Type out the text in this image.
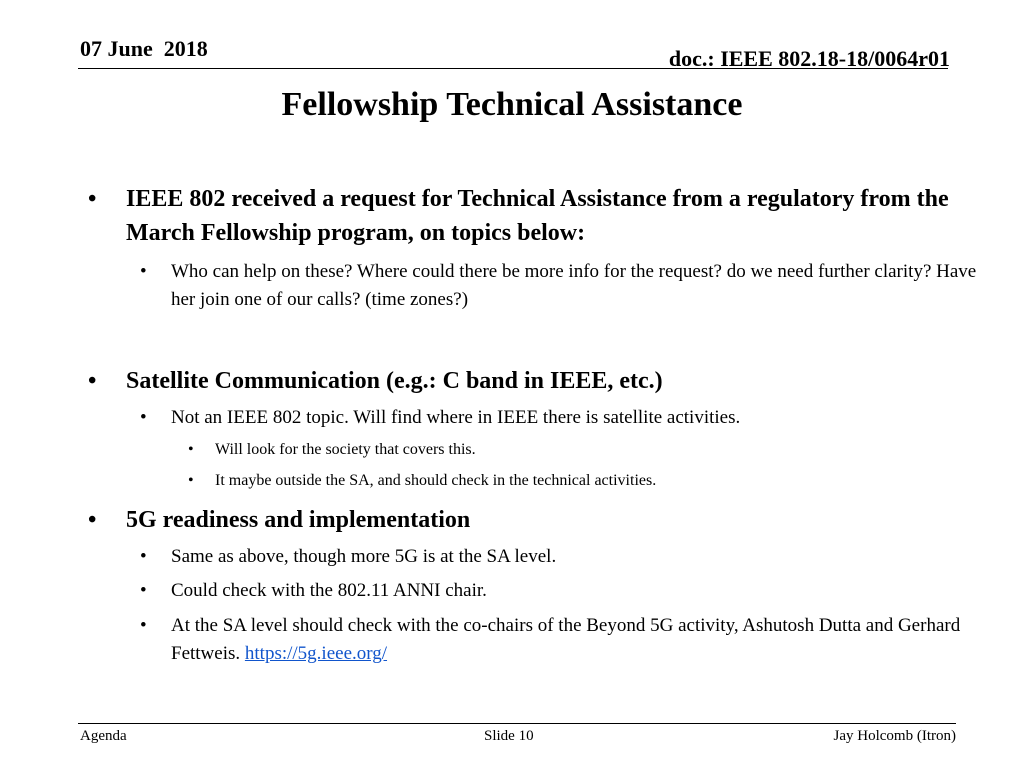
07 June  2018	doc.: IEEE 802.18-18/0064r01
Fellowship Technical Assistance
• IEEE 802 received a request for Technical Assistance from a regulatory from the March Fellowship program, on topics below:
• Who can help on these? Where could there be more info for the request? do we need further clarity? Have her join one of our calls? (time zones?)
• Satellite Communication (e.g.: C band in IEEE, etc.)
• Not an IEEE 802 topic. Will find where in IEEE there is satellite activities.
• Will look for the society that covers this.
• It maybe outside the SA, and should check in the technical activities.
• 5G readiness and implementation
• Same as above, though more 5G is at the SA level.
• Could check with the 802.11 ANNI chair.
• At the SA level should check with the co-chairs of the Beyond 5G activity, Ashutosh Dutta and Gerhard Fettweis. https://5g.ieee.org/
Agenda	Slide 10	Jay Holcomb (Itron)
